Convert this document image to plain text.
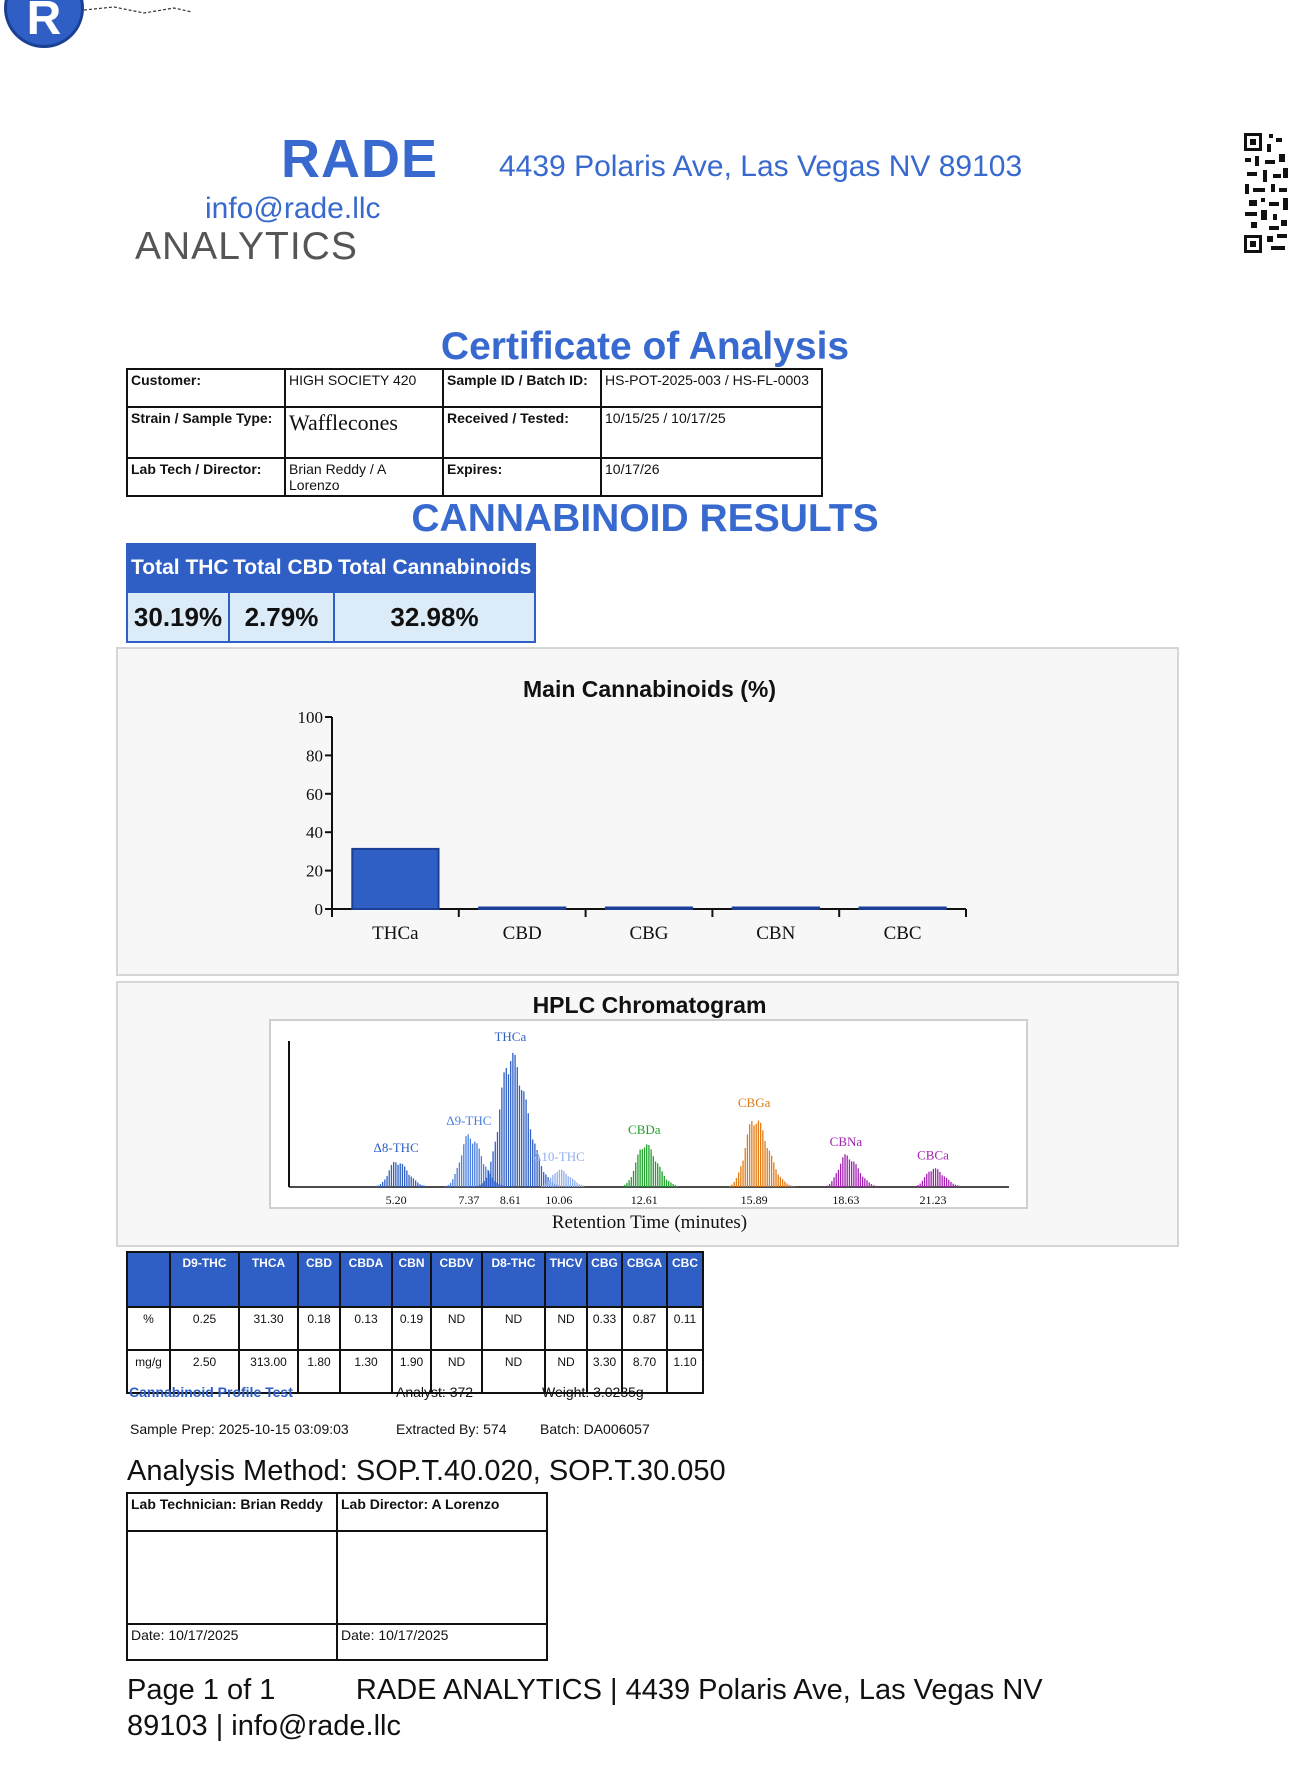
R
RADE
info@rade.llc
ANALYTICS
4439 Polaris Ave, Las Vegas NV 89103
Certificate of Analysis
Customer:	HIGH SOCIETY 420	Sample ID / Batch ID:	HS-POT-2025-003 / HS-FL-0003
Strain / Sample Type:	Wafflecones	Received / Tested:	10/15/25 / 10/17/25
Lab Tech / Director:	Brian Reddy / A Lorenzo	Expires:	10/17/26
CANNABINOID RESULTS
Total THC Total CBD Total Cannabinoids
30.19% 2.79%	32.98%
Main Cannabinoids (%)
0
20
40
60
80
100
THCa	CBD	CBG	CBN	CBC
HPLC Chromatogram
Δ8-THC
Δ9-THC
THCa
Δ10-THC
CBDa
CBGa
CBNa
CBCa
5.20	7.37 8.61 10.06	12.61	15.89	18.63	21.23
Retention Time (minutes)
	D9-THC	THCA	CBD	CBDA	CBN	CBDV	D8-THC	THCV	CBG	CBGA	CBC
%	0.25	31.30	0.18	0.13	0.19	ND	ND	ND	0.33	0.87	0.11
mg/g	2.50	313.00	1.80	1.30	1.90	ND	ND	ND	3.30	8.70	1.10
Cannabinoid Profile Test	Analyst: 372	Weight: 3.0235g
Sample Prep: 2025-10-15 03:09:03	Extracted By: 574 Batch: DA006057
Analysis Method: SOP.T.40.020, SOP.T.30.050
Lab Technician: Brian Reddy	Lab Director: A Lorenzo

Date: 10/17/2025	Date: 10/17/2025
Page 1 of 1          RADE ANALYTICS | 4439 Polaris Ave, Las Vegas NV 89103 | info@rade.llc
